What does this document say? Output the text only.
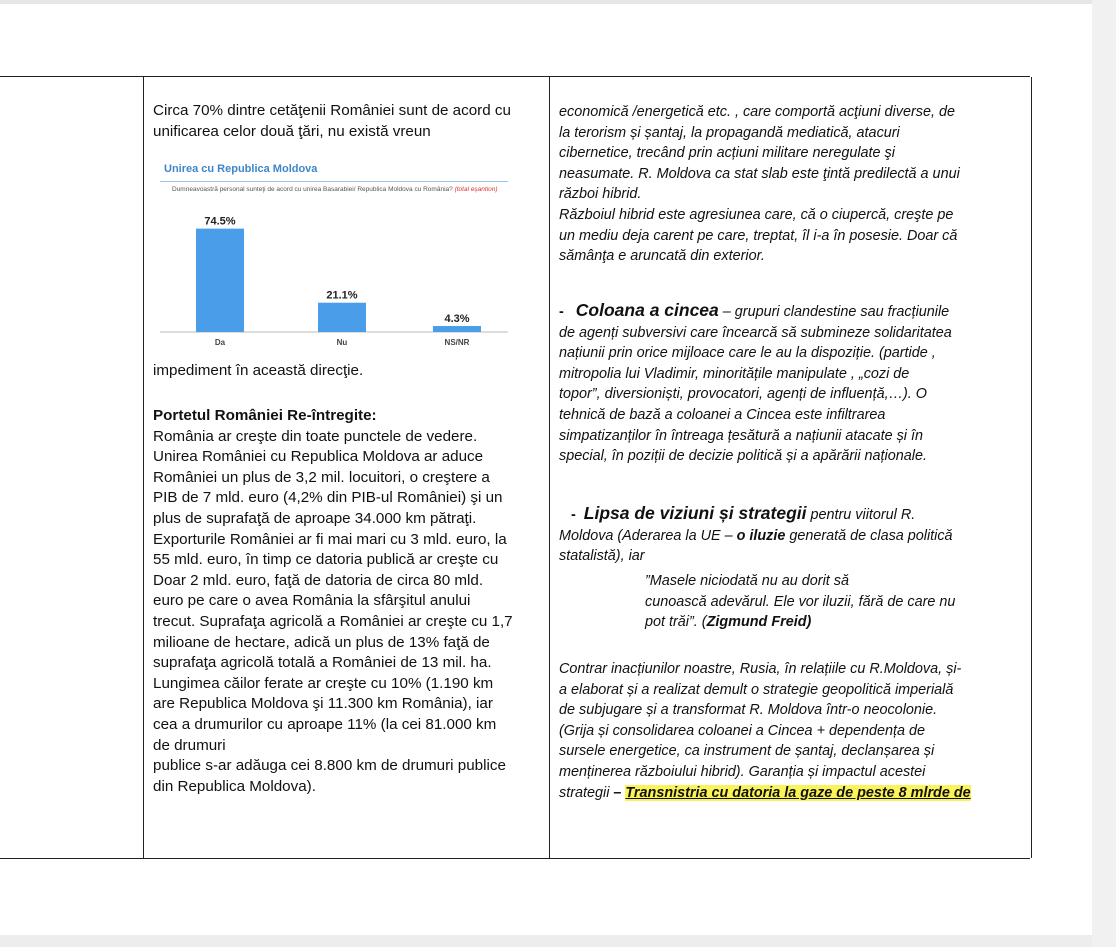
Circa 70% dintre cetăţenii României sunt de acord cu

unificarea celor două ţări, nu există vreun

Unirea cu Republica Moldova
Dumneavoastră personal sunteţi de acord cu unirea Basarabiei/ Republica Moldova cu România? (total eşantion)
74.5%
Da
21.1%
Nu
4.3%
NS/NR

impediment în această direcţie.

Portetul României Re-întregite:

România ar creşte din toate punctele de vedere.

Unirea României cu Republica Moldova ar aduce

României un plus de 3,2 mil. locuitori, o creştere a

PIB de 7 mld. euro (4,2% din PIB-ul României) şi un

plus de suprafaţă de aproape 34.000 km pătraţi.

Exporturile României ar fi mai mari cu 3 mld. euro, la

55 mld. euro, în timp ce datoria publică ar creşte cu

Doar 2 mld. euro, faţă de datoria de circa 80 mld.

euro pe care o avea România la sfârşitul anului

trecut. Suprafaţa agricolă a României ar creşte cu 1,7

milioane de hectare, adică un plus de 13% faţă de

suprafaţa agricolă totală a României de 13 mil. ha.

Lungimea căilor ferate ar creşte cu 10% (1.190 km

are Republica Moldova şi 11.300 km România), iar

cea a drumurilor cu aproape 11% (la cei 81.000 km

de drumuri

publice s-ar adăuga cei 8.800 km de drumuri publice

din Republica Moldova).

economică /energetică etc. , care comportă acţiuni diverse, de

la terorism și șantaj, la propagandă mediatică, atacuri

cibernetice, trecând prin acțiuni militare neregulate şi

neasumate. R. Moldova ca stat slab este ţintă predilectă a unui

război hibrid.

Războiul hibrid este agresiunea care, că o ciupercă, creşte pe

un mediu deja carent pe care, treptat, îl i-a în posesie. Doar că

sămânţa e aruncată din exterior.

- Coloana a cincea – grupuri clandestine sau fracțiunile

de agenți subversivi care încearcă să submineze solidaritatea

națiunii prin orice mijloace care le au la dispoziție. (partide ,

mitropolia lui Vladimir, minoritățile manipulate , „cozi de

topor”, diversioniști, provocatori, agenți de influență,…). O

tehnică de bază a coloanei a Cincea este infiltrarea

simpatizanților în întreaga țesătură a națiunii atacate și în

special, în poziții de decizie politică și a apărării naționale.

- Lipsa de viziuni și strategii pentru viitorul R.

Moldova (Aderarea la UE – o iluzie generată de clasa politică

statalistă), iar

”Masele niciodată nu au dorit să

cunoască adevărul. Ele vor iluzii, fără de care nu

pot trăi”. (Zigmund Freid)

Contrar inacțiunilor noastre, Rusia, în relațiile cu R.Moldova, și-

a elaborat și a realizat demult o strategie geopolitică imperială

de subjugare și a transformat R. Moldova într-o neocolonie.

(Grija și consolidarea coloanei a Cincea + dependența de

sursele energetice, ca instrument de șantaj, declanșarea și

menținerea războiului hibrid). Garanția și impactul acestei

strategii – Transnistria cu datoria la gaze de peste 8 mlrde de
